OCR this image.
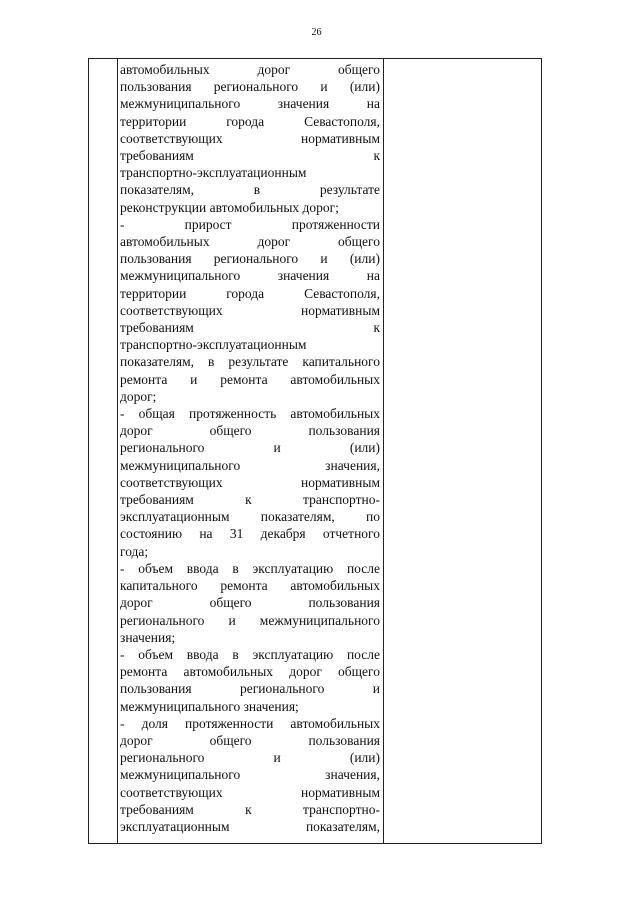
26

автомобильных дорог общего
пользования регионального и (или)
межмуниципального значения на
территории города Севастополя,
соответствующих нормативным
требованиям к
транспортно-эксплуатационным
показателям, в результате
реконструкции автомобильных дорог;

- прирост протяженности
автомобильных дорог общего
пользования регионального и (или)
межмуниципального значения на
территории города Севастополя,
соответствующих нормативным
требованиям к
транспортно-эксплуатационным
показателям, в результате капитального
ремонта и ремонта автомобильных
дорог;

- общая протяженность автомобильных
дорог общего пользования
регионального и (или)
межмуниципального значения,
соответствующих нормативным
требованиям к транспортно-
эксплуатационным показателям, по
состоянию на 31 декабря отчетного
года;

- объем ввода в эксплуатацию после
капитального ремонта автомобильных
дорог общего пользования
регионального и межмуниципального
значения;

- объем ввода в эксплуатацию после
ремонта автомобильных дорог общего
пользования регионального и
межмуниципального значения;

- доля протяженности автомобильных
дорог общего пользования
регионального и (или)
межмуниципального значения,
соответствующих нормативным
требованиям к транспортно-
эксплуатационным показателям,
